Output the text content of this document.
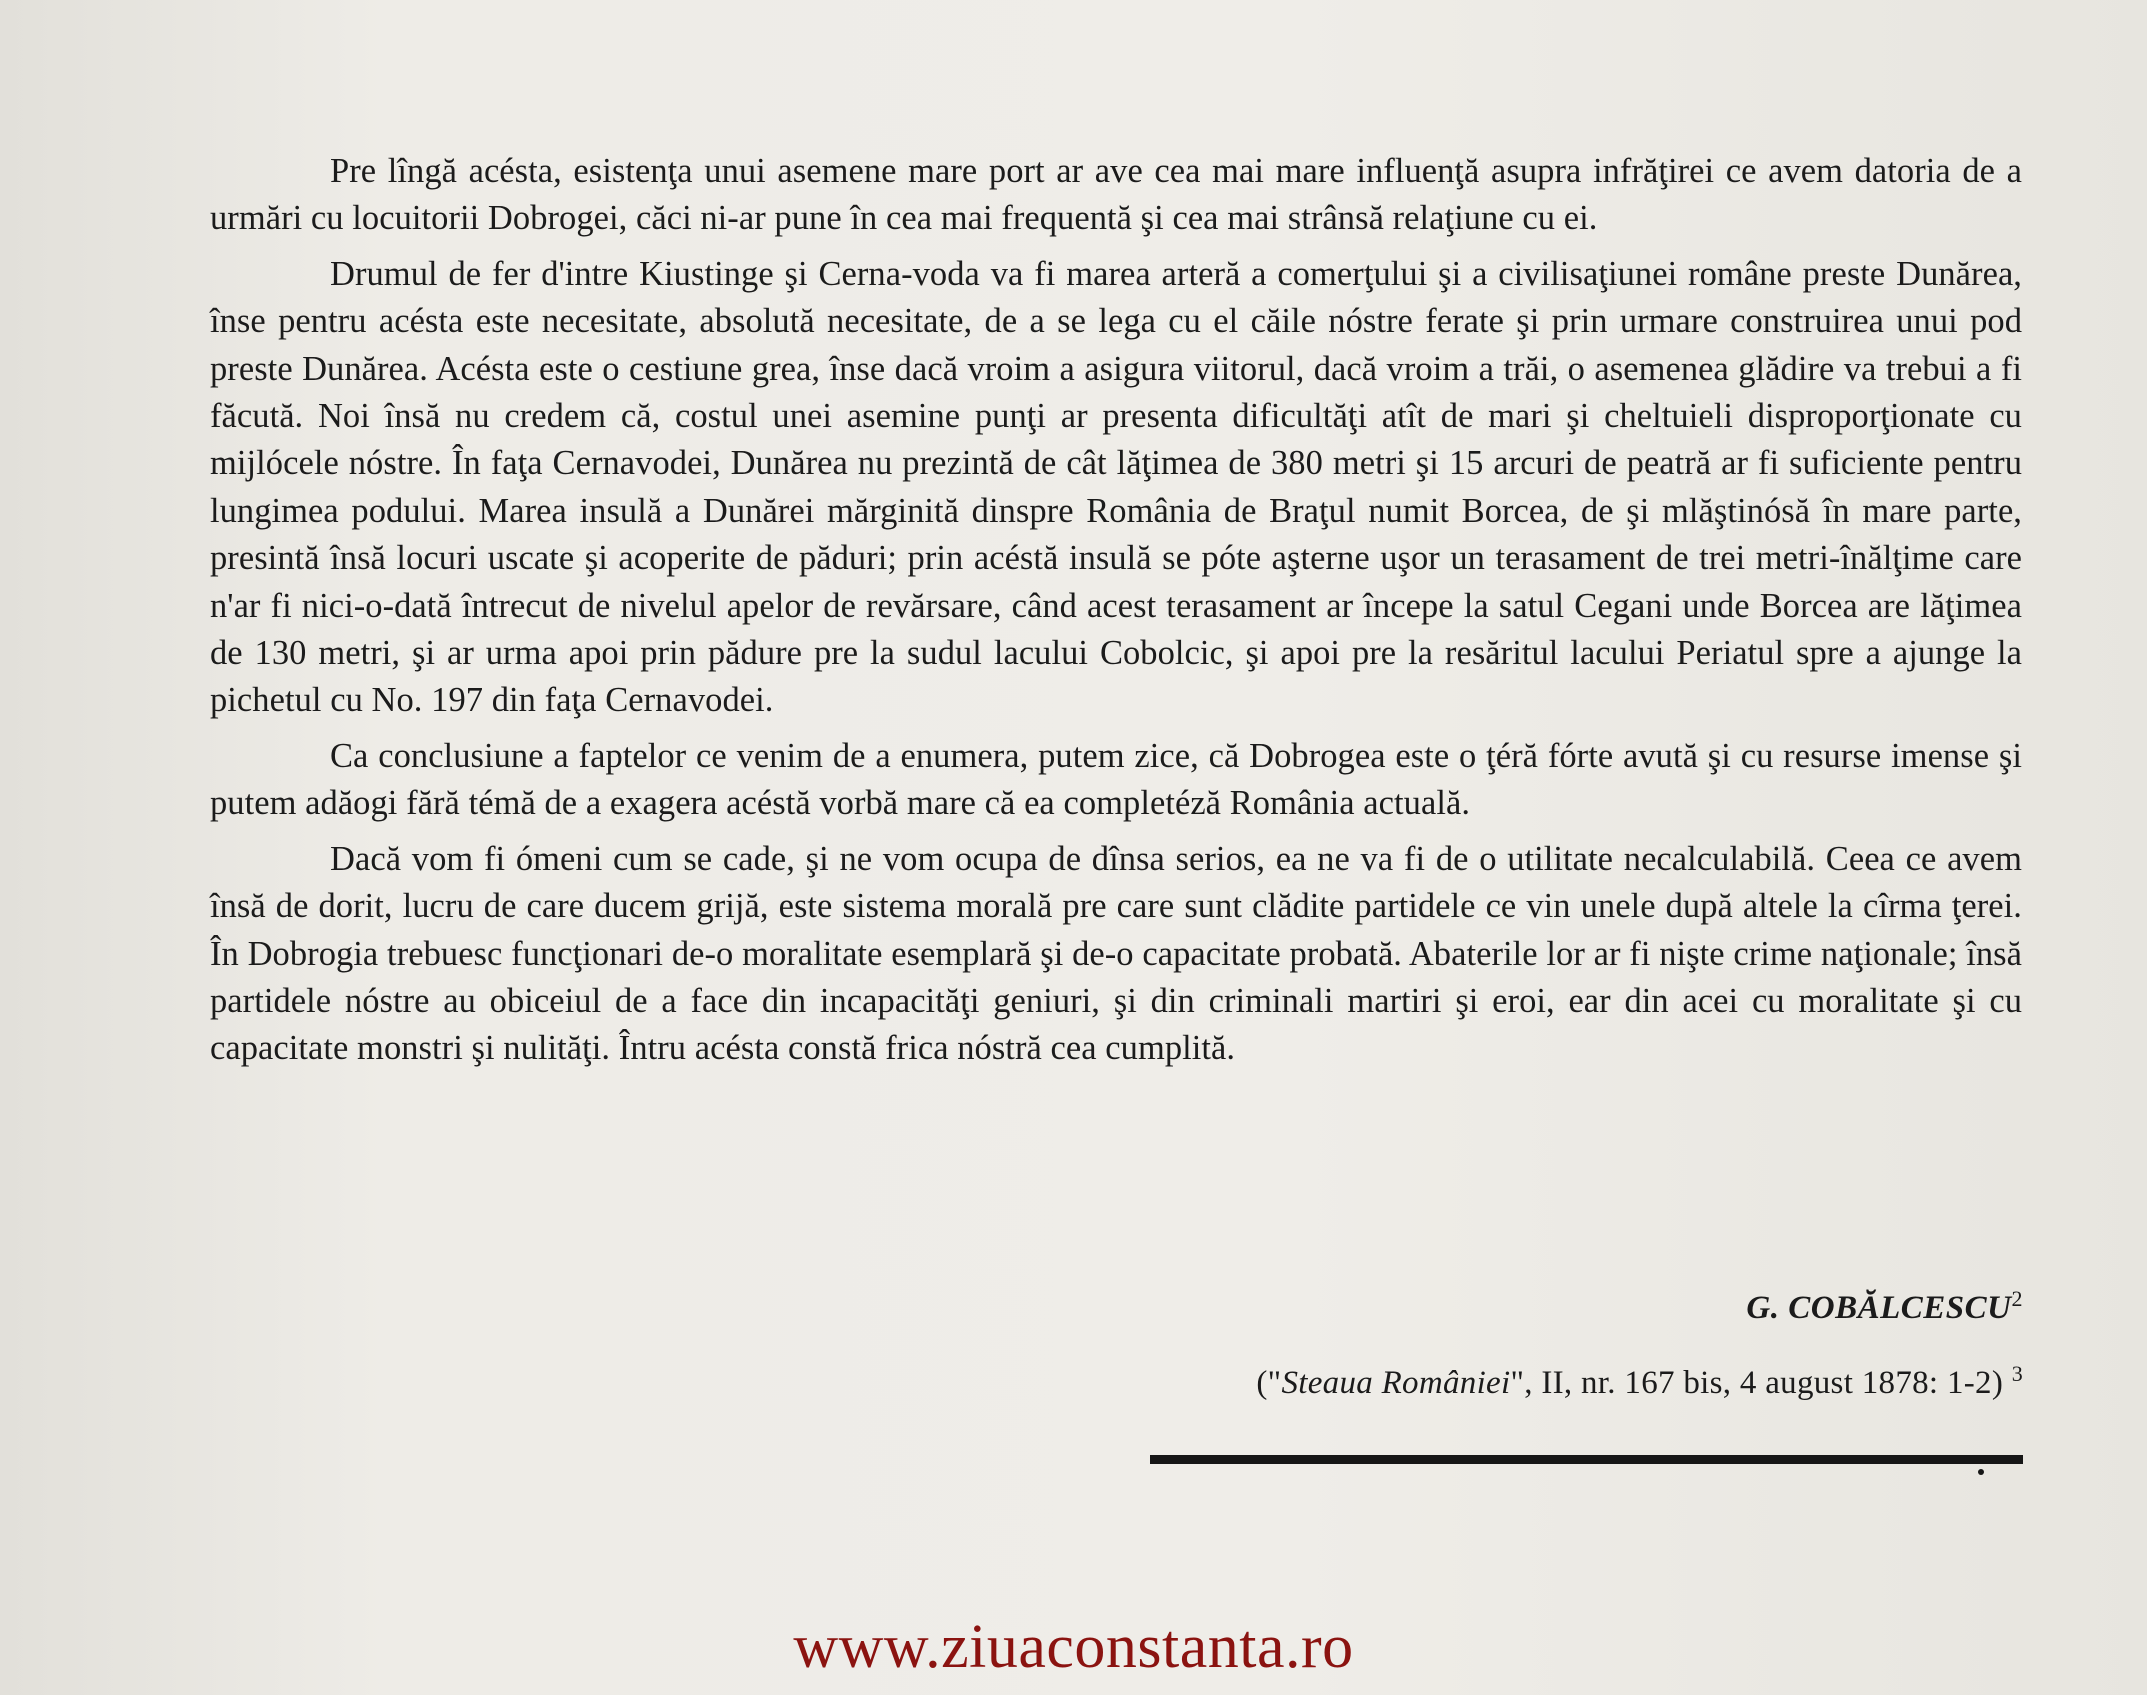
Pre lîngă acésta, esistenţa unui asemene mare port ar ave cea mai mare influenţă asupra infrăţirei ce avem datoria de a urmări cu locuitorii Dobrogei, căci ni-ar pune în cea mai frequentă şi cea mai strânsă relaţiune cu ei.

Drumul de fer d'intre Kiustinge şi Cerna-voda va fi marea arteră a comerţului şi a civilisaţiunei române preste Dunărea, înse pentru acésta este necesitate, absolută necesitate, de a se lega cu el căile nóstre ferate şi prin urmare construirea unui pod preste Dunărea. Acésta este o cestiune grea, înse dacă vroim a asigura viitorul, dacă vroim a trăi, o asemenea glădire va trebui a fi făcută. Noi însă nu credem că, costul unei asemine punţi ar presenta dificultăţi atît de mari şi cheltuieli disproporţionate cu mijlócele nóstre. În faţa Cernavodei, Dunărea nu prezintă de cât lăţimea de 380 metri şi 15 arcuri de peatră ar fi suficiente pentru lungimea podului. Marea insulă a Dunărei mărginită dinspre România de Braţul numit Borcea, de şi mlăştinósă în mare parte, presintă însă locuri uscate şi acoperite de păduri; prin acéstă insulă se póte aşterne uşor un terasament de trei metri-înălţime care n'ar fi nici-o-dată întrecut de nivelul apelor de revărsare, când acest terasament ar începe la satul Cegani unde Borcea are lăţimea de 130 metri, şi ar urma apoi prin pădure pre la sudul lacului Cobolcic, şi apoi pre la resăritul lacului Periatul spre a ajunge la pichetul cu No. 197 din faţa Cernavodei.

Ca conclusiune a faptelor ce venim de a enumera, putem zice, că Dobrogea este o ţéră fórte avută şi cu resurse imense şi putem adăogi fără témă de a exagera acéstă vorbă mare că ea completéză România actuală.

Dacă vom fi ómeni cum se cade, şi ne vom ocupa de dînsa serios, ea ne va fi de o utilitate necalculabilă. Ceea ce avem însă de dorit, lucru de care ducem grijă, este sistema morală pre care sunt clădite partidele ce vin unele după altele la cîrma ţerei. În Dobrogia trebuesc funcţionari de-o moralitate esemplară şi de-o capacitate probată. Abaterile lor ar fi nişte crime naţionale; însă partidele nóstre au obiceiul de a face din incapacităţi geniuri, şi din criminali martiri şi eroi, ear din acei cu moralitate şi cu capacitate monstri şi nulităţi. Întru acésta constă frica nóstră cea cumplită.

G. COBĂLCESCU$^2$
("Steaua României", II, nr. 167 bis, 4 august 1878: 1-2) $^3$
www.ziuaconstanta.ro
